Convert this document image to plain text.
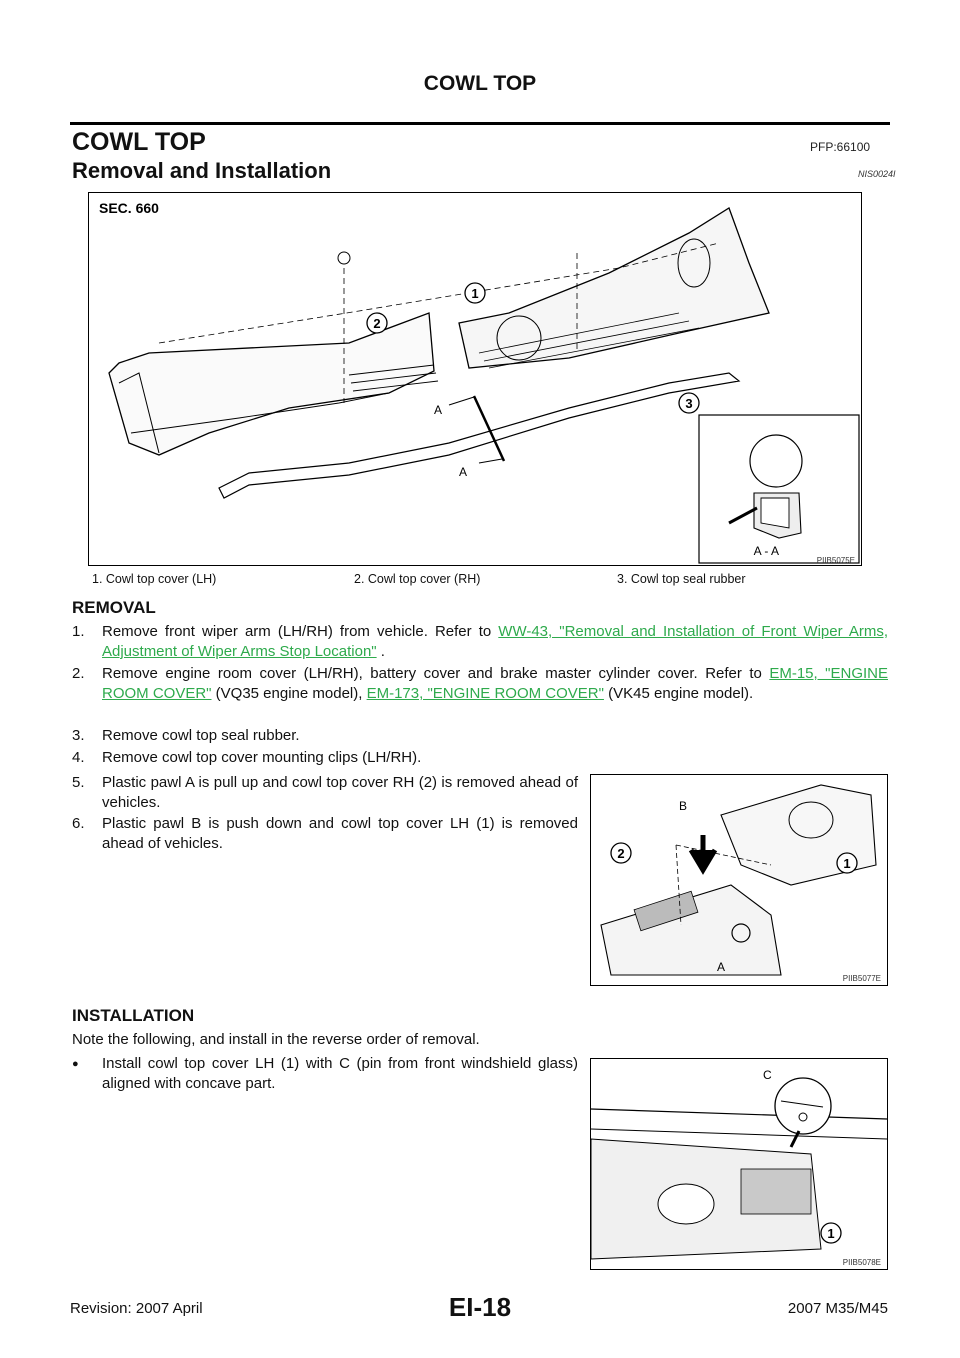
COWL TOP
COWL TOP	PFP:66100
Removal and Installation	NIS0024I
SEC. 660
1
2
3
A
A
A - A
PIIB5075E
1. Cowl top cover (LH)	2. Cowl top cover (RH)	3. Cowl top seal rubber
REMOVAL
1. Remove front wiper arm (LH/RH) from vehicle. Refer to WW-43, "Removal and Installation of Front Wiper Arms, Adjustment of Wiper Arms Stop Location" .
2. Remove engine room cover (LH/RH), battery cover and brake master cylinder cover. Refer to EM-15, "ENGINE ROOM COVER" (VQ35 engine model), EM-173, "ENGINE ROOM COVER" (VK45 engine model).
3. Remove cowl top seal rubber.
4. Remove cowl top cover mounting clips (LH/RH).
5. Plastic pawl A is pull up and cowl top cover RH (2) is removed ahead of vehicles.
6. Plastic pawl B is push down and cowl top cover LH (1) is removed ahead of vehicles.
B
A
2
1
PIIB5077E
INSTALLATION
Note the following, and install in the reverse order of removal.
● Install cowl top cover LH (1) with C (pin from front windshield glass) aligned with concave part.	C
1
PIIB5078E
EI-18
Revision: 2007 April	2007 M35/M45
